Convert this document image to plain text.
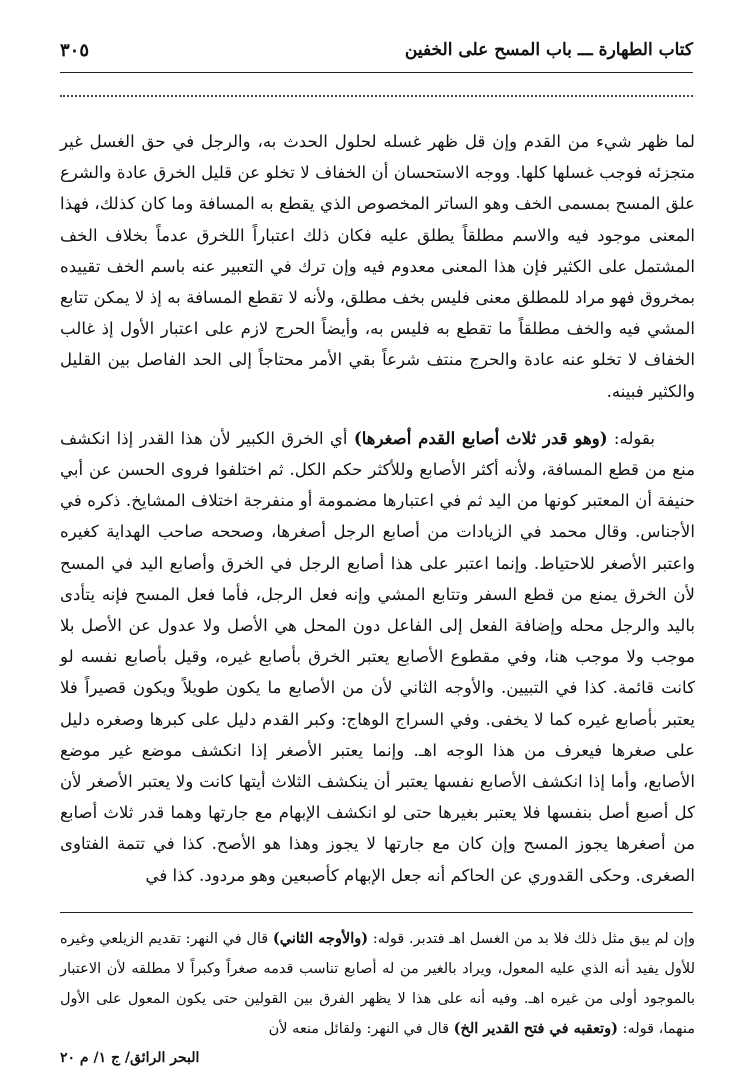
كتاب الطهارة ـــ باب المسح على الخفين
٣٠٥

لما ظهر شيء من القدم وإن قل ظهر غسله لحلول الحدث به، والرجل في حق الغسل غير متجزئه فوجب غسلها كلها. ووجه الاستحسان أن الخفاف لا تخلو عن قليل الخرق عادة والشرع علق المسح بمسمى الخف وهو الساتر المخصوص الذي يقطع به المسافة وما كان كذلك، فهذا المعنى موجود فيه والاسم مطلقاً يطلق عليه فكان ذلك اعتباراً اللخرق عدماً بخلاف الخف المشتمل على الكثير فإن هذا المعنى معدوم فيه وإن ترك في التعبير عنه باسم الخف تقييده بمخروق فهو مراد للمطلق معنى فليس بخف مطلق، ولأنه لا تقطع المسافة به إذ لا يمكن تتابع المشي فيه والخف مطلقاً ما تقطع به فليس به، وأيضاً الحرج لازم على اعتبار الأول إذ غالب الخفاف لا تخلو عنه عادة والحرج منتف شرعاً بقي الأمر محتاجاً إلى الحد الفاصل بين القليل والكثير فبينه.

بقوله: (وهو قدر ثلاث أصابع القدم أصغرها) أي الخرق الكبير لأن هذا القدر إذا انكشف منع من قطع المسافة، ولأنه أكثر الأصابع وللأكثر حكم الكل. ثم اختلفوا فروى الحسن عن أبي حنيفة أن المعتبر كونها من اليد ثم في اعتبارها مضمومة أو منفرجة اختلاف المشايخ. ذكره في الأجناس. وقال محمد في الزيادات من أصابع الرجل أصغرها، وصححه صاحب الهداية كغيره واعتبر الأصغر للاحتياط. وإنما اعتبر على هذا أصابع الرجل في الخرق وأصابع اليد في المسح لأن الخرق يمنع من قطع السفر وتتابع المشي وإنه فعل الرجل، فأما فعل المسح فإنه يتأدى باليد والرجل محله وإضافة الفعل إلى الفاعل دون المحل هي الأصل ولا عدول عن الأصل بلا موجب ولا موجب هنا، وفي مقطوع الأصابع يعتبر الخرق بأصابع غيره، وقيل بأصابع نفسه لو كانت قائمة. كذا في التبيين. والأوجه الثاني لأن من الأصابع ما يكون طويلاً ويكون قصيراً فلا يعتبر بأصابع غيره كما لا يخفى. وفي السراج الوهاج: وكبر القدم دليل على كبرها وصغره دليل على صغرها فيعرف من هذا الوجه اهـ. وإنما يعتبر الأصغر إذا انكشف موضع غير موضع الأصابع، وأما إذا انكشف الأصابع نفسها يعتبر أن ينكشف الثلاث أيتها كانت ولا يعتبر الأصغر لأن كل أصبع أصل بنفسها فلا يعتبر بغيرها حتى لو انكشف الإبهام مع جارتها وهما قدر ثلاث أصابع من أصغرها يجوز المسح وإن كان مع جارتها لا يجوز وهذا هو الأصح. كذا في تتمة الفتاوى الصغرى. وحكى القدوري عن الحاكم أنه جعل الإبهام كأصبعين وهو مردود. كذا في

وإن لم يبق مثل ذلك فلا بد من الغسل اهـ فتدبر. قوله: (والأوجه الثاني) قال في النهر: تقديم الزيلعي وغيره للأول يفيد أنه الذي عليه المعول، ويراد بالغير من له أصابع تناسب قدمه صغراً وكبراً لا مطلقه لأن الاعتبار بالموجود أولى من غيره اهـ. وفيه أنه على هذا لا يظهر الفرق بين القولين حتى يكون المعول على الأول منهما، قوله: (وتعقبه في فتح القدير الخ) قال في النهر: ولقائل منعه لأن
البحر الرائق/ ج ١/ م ٢٠
